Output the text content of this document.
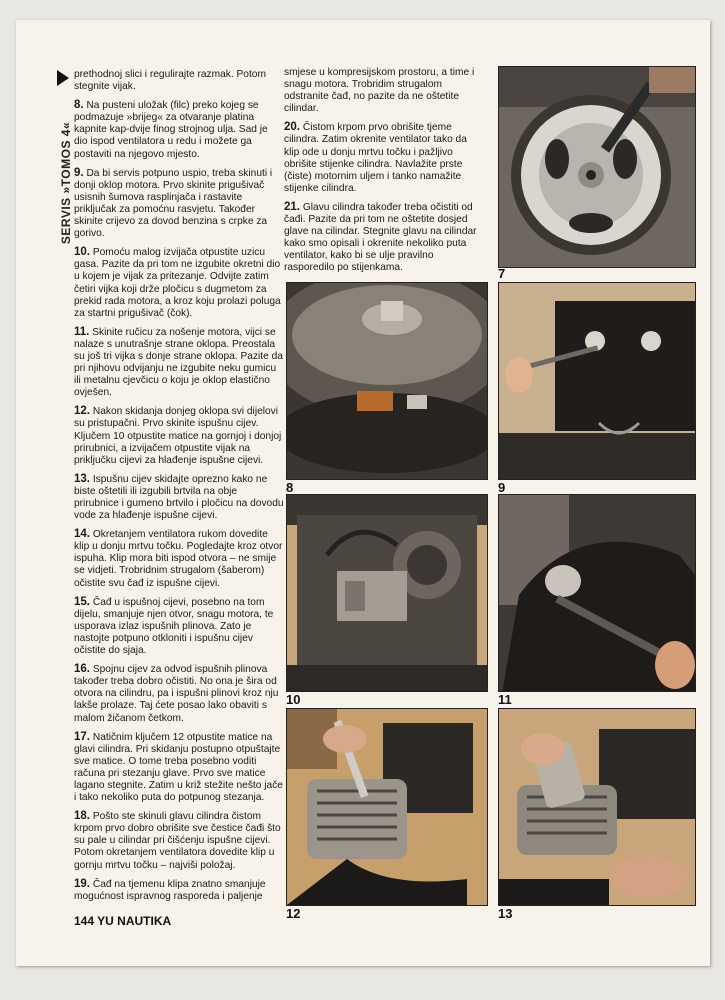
SERVIS »TOMOS 4«

prethodnoj slici i regulirajte razmak. Potom stegnite vijak.

8. Na pusteni uložak (filc) preko kojeg se podmazuje »brijeg« za otvaranje platina kapnite kap-dvije finog strojnog ulja. Sad je dio ispod ventilatora u redu i možete ga postaviti na njegovo mjesto.

9. Da bi servis potpuno uspio, treba skinuti i donji oklop motora. Prvo skinite prigušivač usisnih šumova rasplinjača i rastavite priključak za pomoćnu rasvjetu. Također skinite crijevo za dovod benzina s crpke za gorivo.

10. Pomoću malog izvijača otpustite uzicu gasa. Pazite da pri tom ne izgubite okretni dio u kojem je vijak za pritezanje. Odvijte zatim četiri vijka koji drže pločicu s dugmetom za prekid rada motora, a kroz koju prolazi poluga za startni prigušivač (čok).

11. Skinite ručicu za nošenje motora, vijci se nalaze s unutrašnje strane oklopa. Preostala su još tri vijka s donje strane oklopa. Pazite da pri njihovu odvijanju ne izgubite neku gumicu ili metalnu cjevčicu o koju je oklop elastično ovješen.

12. Nakon skidanja donjeg oklopa svi dijelovi su pristupačni. Prvo skinite ispušnu cijev. Ključem 10 otpustite matice na gornjoj i donjoj prirubnici, a izvijačem otpustite vijak na priključku cijevi za hlađenje ispušne cijevi.

13. Ispušnu cijev skidajte oprezno kako ne biste oštetili ili izgubili brtvila na obje prirubnice i gumeno brtvilo i pločicu na dovodu vode za hlađenje ispušne cijevi.

14. Okretanjem ventilatora rukom dovedite klip u donju mrtvu točku. Pogledajte kroz otvor ispuha. Klip mora biti ispod otvora – ne smije se vidjeti. Trobridnim strugalom (šaberom) očistite svu čađ iz ispušne cijevi.

15. Čađ u ispušnoj cijevi, posebno na tom dijelu, smanjuje njen otvor, snagu motora, te usporava izlaz ispušnih plinova. Zato je nastojte potpuno otkloniti i ispušnu cijev očistite do sjaja.

16. Spojnu cijev za odvod ispušnih plinova također treba dobro očistiti. No ona je šira od otvora na cilindru, pa i ispušni plinovi kroz nju lakše prolaze. Taj ćete posao lako obaviti s malom žičanom četkom.

17. Natičnim ključem 12 otpustite matice na glavi cilindra. Pri skidanju postupno otpuštajte sve matice. O tome treba posebno voditi računa pri stezanju glave. Prvo sve matice lagano stegnite. Zatim u križ stežite nešto jače i tako nekoliko puta do potpunog stezanja.

18. Pošto ste skinuli glavu cilindra čistom krpom prvo dobro obrišite sve čestice čađi što su pale u cilindar pri čišćenju ispušne cijevi. Potom okretanjem ventilatora dovedite klip u gornju mrtvu točku – najviši položaj.

19. Čađ na tjemenu klipa znatno smanjuje mogućnost ispravnog rasporeda i paljenje

smjese u kompresijskom prostoru, a time i snagu motora. Trobridim strugalom odstranite čađ, no pazite da ne oštetite cilindar.

20. Čistom krpom prvo obrišite tjeme cilindra. Zatim okrenite ventilator tako da klip ode u donju mrtvu točku i pažljivo obrišite stijenke cilindra. Navlažite prste (čiste) motornim uljem i tanko namažite stijenke cilindra.

21. Glavu cilindra također treba očistiti od čađi. Pazite da pri tom ne oštetite dosjed glave na cilindar. Stegnite glavu na cilindar kako smo opisali i okrenite nekoliko puta ventilator, kako bi se ulje pravilno rasporedilo po stijenkama.	7
8	9
10	11
12	13
144 YU NAUTIKA
